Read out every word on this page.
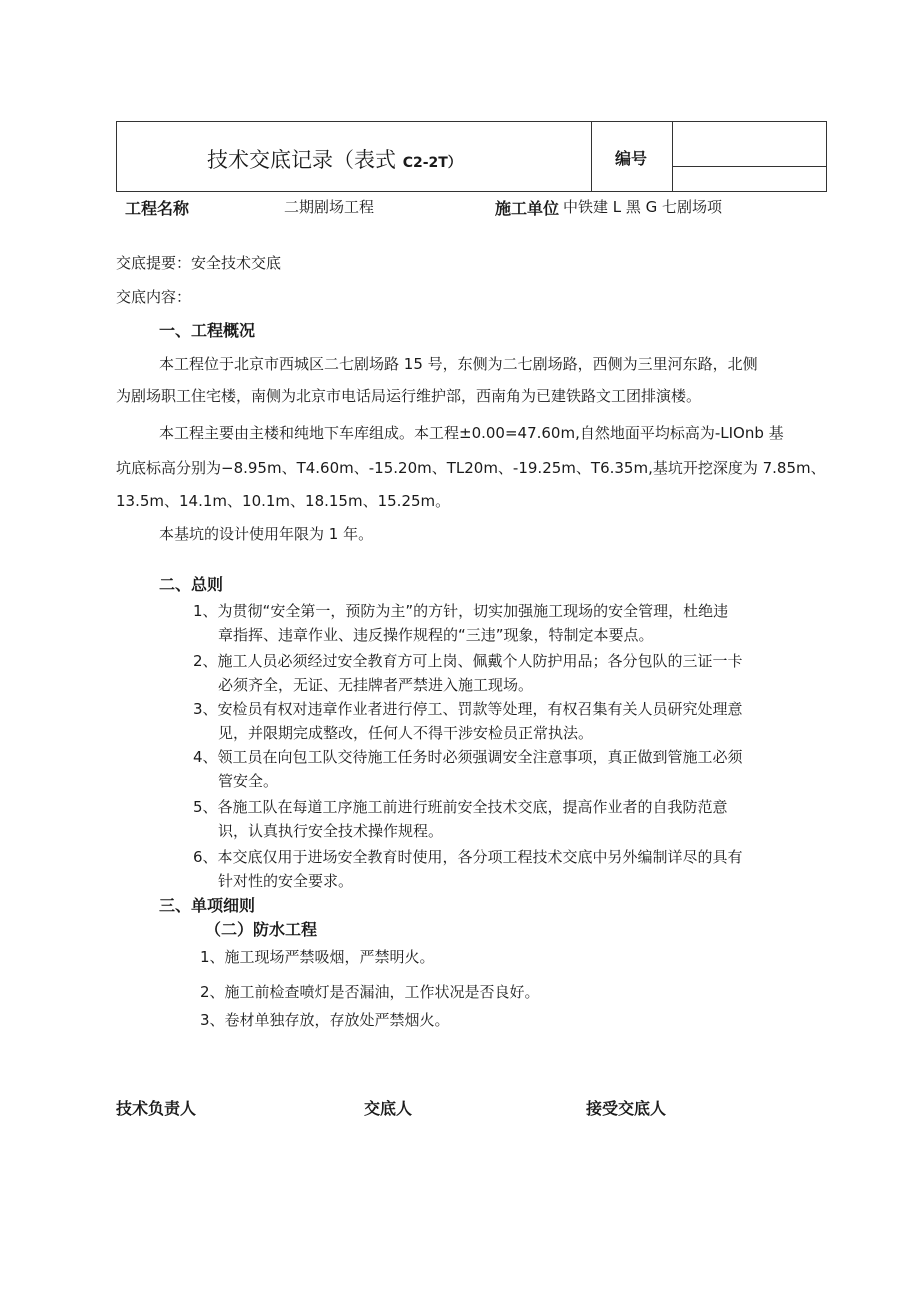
技术交底记录（表式 C2-2T）	编号
工程名称	二期剧场工程	施工单位 中铁建 L 黑 G 七剧场项
交底提要：安全技术交底
交底内容：
一、工程概况
本工程位于北京市西城区二七剧场路 15 号，东侧为二七剧场路，西侧为三里河东路，北侧
为剧场职工住宅楼，南侧为北京市电话局运行维护部，西南角为已建铁路文工团排演楼。
本工程主要由主楼和纯地下车库组成。本工程±0.00=47.60m,自然地面平均标高为-LIOnb 基
坑底标高分别为−8.95m、T4.60m、-15.20m、TL20m、-19.25m、T6.35m,基坑开挖深度为 7.85m、
13.5m、14.1m、10.1m、18.15m、15.25m。
本基坑的设计使用年限为 1 年。
二、总则
1、为贯彻“安全第一，预防为主”的方针，切实加强施工现场的安全管理，杜绝违
章指挥、违章作业、违反操作规程的“三违”现象，特制定本要点。
2、施工人员必须经过安全教育方可上岗、佩戴个人防护用品；各分包队的三证一卡
必须齐全，无证、无挂牌者严禁进入施工现场。
3、安检员有权对违章作业者进行停工、罚款等处理，有权召集有关人员研究处理意
见，并限期完成整改，任何人不得干涉安检员正常执法。
4、领工员在向包工队交待施工任务时必须强调安全注意事项，真正做到管施工必须
管安全。
5、各施工队在每道工序施工前进行班前安全技术交底，提高作业者的自我防范意
识，认真执行安全技术操作规程。
6、本交底仅用于进场安全教育时使用，各分项工程技术交底中另外编制详尽的具有
针对性的安全要求。
三、单项细则
（二）防水工程
1、施工现场严禁吸烟，严禁明火。
2、施工前检查喷灯是否漏油，工作状况是否良好。
3、卷材单独存放，存放处严禁烟火。
技术负责人	交底人	接受交底人
